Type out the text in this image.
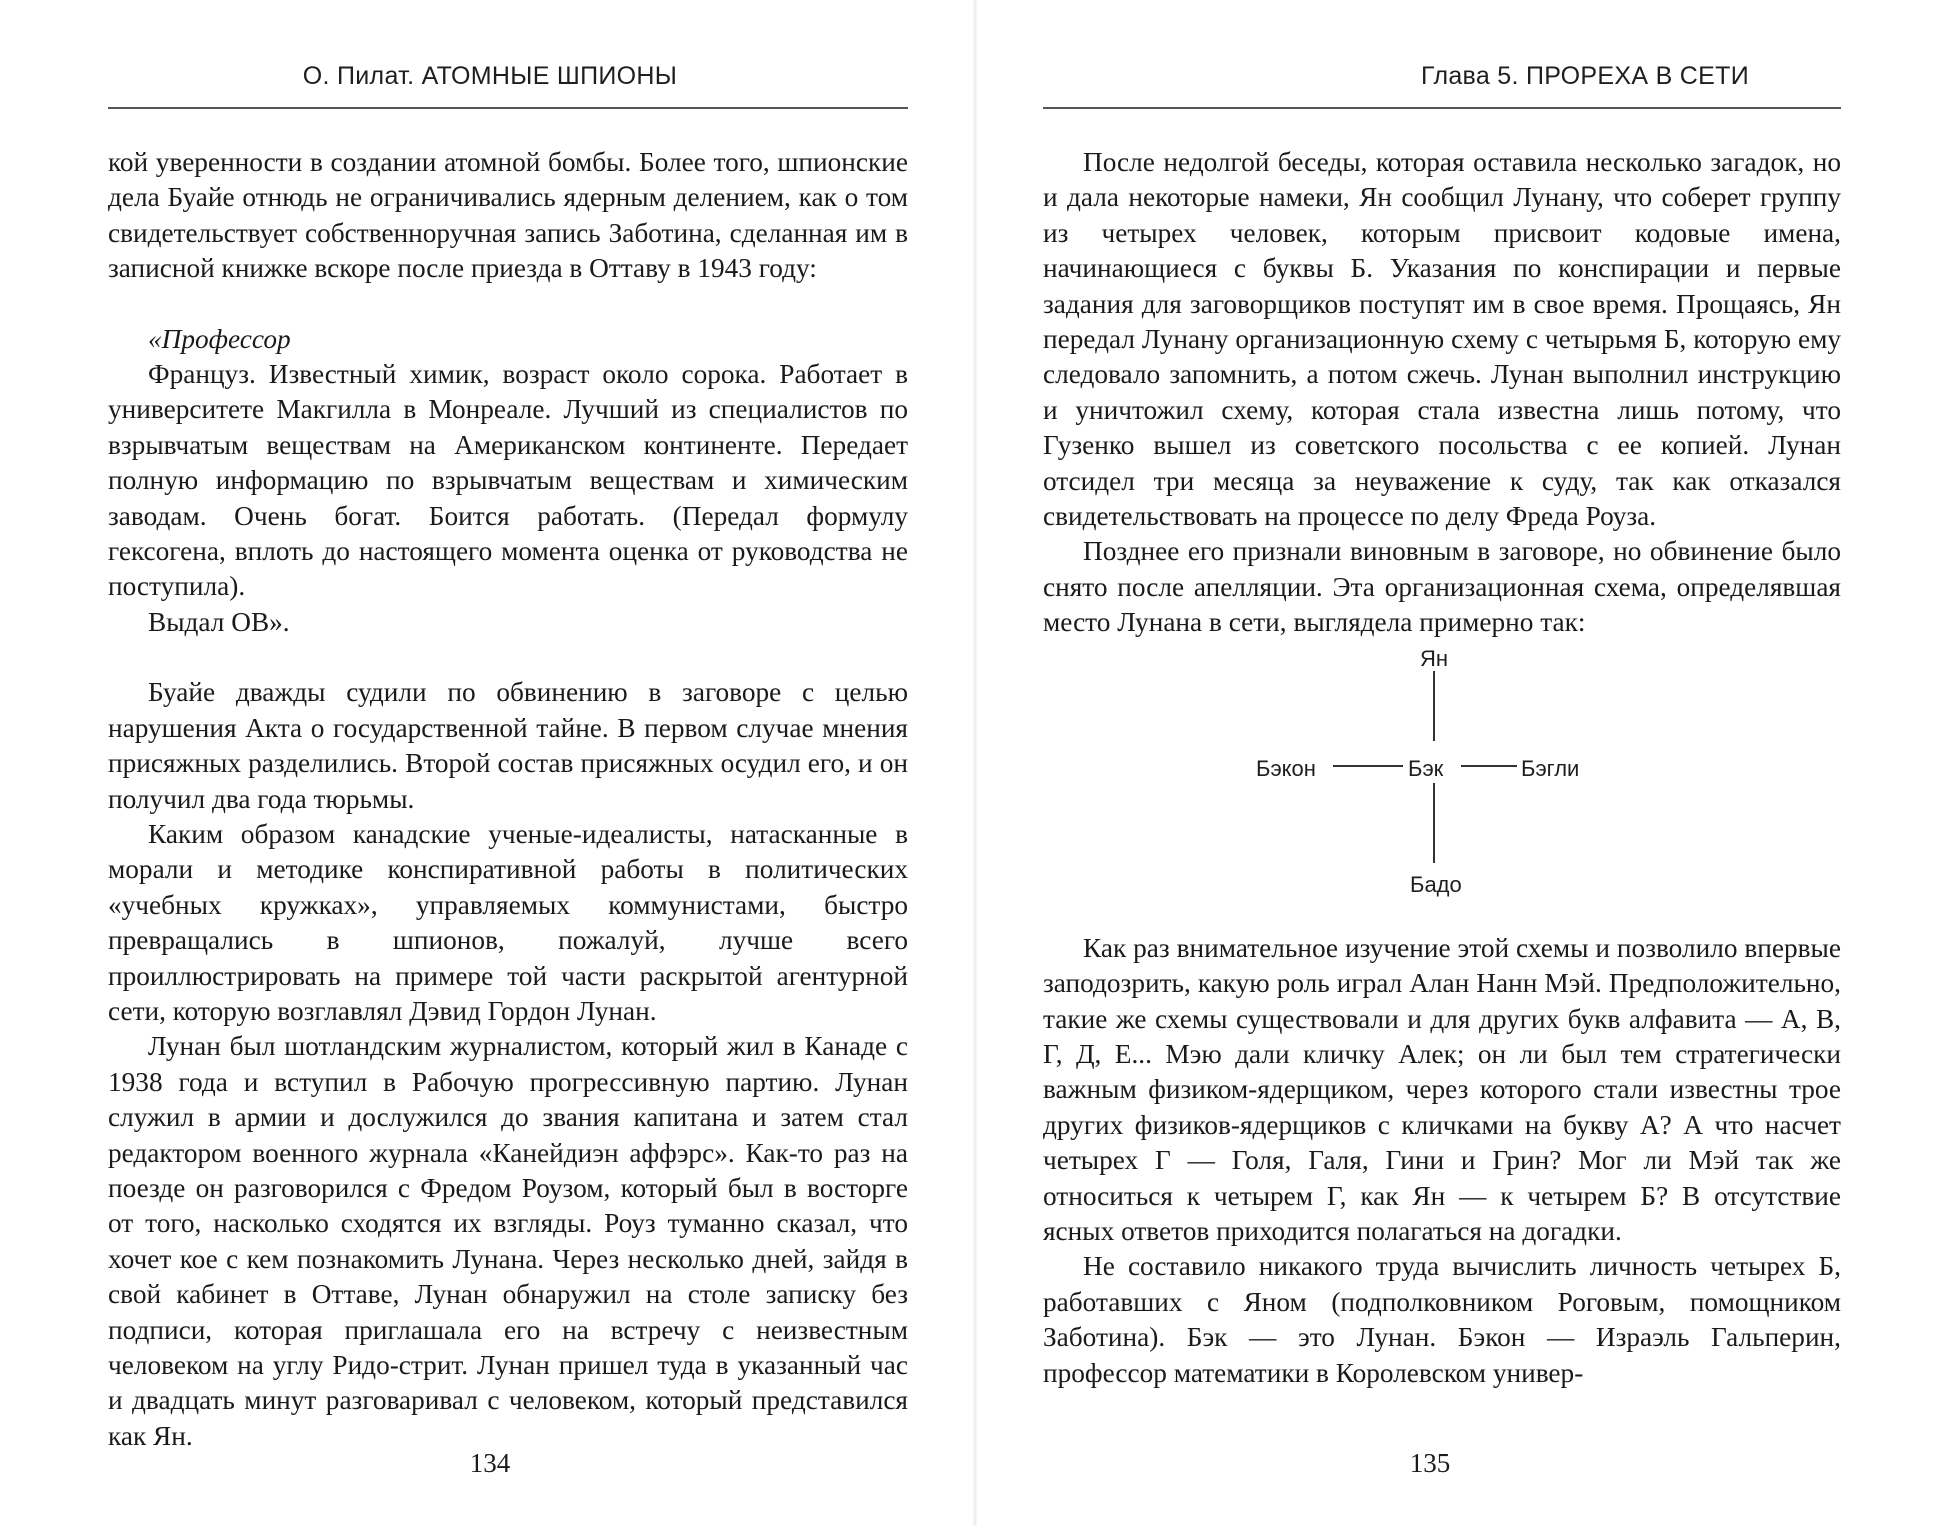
О. Пилат. АТОМНЫЕ ШПИОНЫ

кой уверенности в создании атомной бомбы. Более того, шпионские дела Буайе отнюдь не ограничивались ядерным делением, как о том свидетельствует собственноручная запись Заботина, сделанная им в записной книжке вскоре после приезда в Оттаву в 1943 году:

«Профессор

Француз. Известный химик, возраст около сорока. Работает в университете Макгилла в Монреале. Лучший из специалистов по взрывчатым веществам на Американском континенте. Передает полную информацию по взрывчатым веществам и химическим заводам. Очень богат. Боится работать. (Передал формулу гексогена, вплоть до настоящего момента оценка от руководства не поступила).

Выдал ОВ».

Буайе дважды судили по обвинению в заговоре с целью нарушения Акта о государственной тайне. В первом случае мнения присяжных разделились. Второй состав присяжных осудил его, и он получил два года тюрьмы.

Каким образом канадские ученые-идеалисты, натасканные в морали и методике конспиративной работы в политических «учебных кружках», управляемых коммунистами, быстро превращались в шпионов, пожалуй, лучше всего проиллюстрировать на примере той части раскрытой агентурной сети, которую возглавлял Дэвид Гордон Лунан.

Лунан был шотландским журналистом, который жил в Канаде с 1938 года и вступил в Рабочую прогрессивную партию. Лунан служил в армии и дослужился до звания капитана и затем стал редактором военного журнала «Канейдиэн аффэрс». Как-то раз на поезде он разговорился с Фредом Роузом, который был в восторге от того, насколько сходятся их взгляды. Роуз туманно сказал, что хочет кое с кем познакомить Лунана. Через несколько дней, зайдя в свой кабинет в Оттаве, Лунан обнаружил на столе записку без подписи, которая приглашала его на встречу с неизвестным человеком на углу Ридо-стрит. Лунан пришел туда в указанный час и двадцать минут разговаривал с человеком, который представился как Ян.

134
Глава 5. ПРОРЕХА В СЕТИ

После недолгой беседы, которая оставила несколько загадок, но и дала некоторые намеки, Ян сообщил Лунану, что соберет группу из четырех человек, которым присвоит кодовые имена, начинающиеся с буквы Б. Указания по конспирации и первые задания для заговорщиков поступят им в свое время. Прощаясь, Ян передал Лунану организационную схему с четырьмя Б, которую ему следовало запомнить, а потом сжечь. Лунан выполнил инструкцию и уничтожил схему, которая стала известна лишь потому, что Гузенко вышел из советского посольства с ее копией. Лунан отсидел три месяца за неуважение к суду, так как отказался свидетельствовать на процессе по делу Фреда Роуза.

Позднее его признали виновным в заговоре, но обвинение было снято после апелляции. Эта организационная схема, определявшая место Лунана в сети, выглядела примерно так:

Ян
Бэкон	Бэк	Бэгли
Бадо

Как раз внимательное изучение этой схемы и позволило впервые заподозрить, какую роль играл Алан Нанн Мэй. Предположительно, такие же схемы существовали и для других букв алфавита — А, В, Г, Д, Е... Мэю дали кличку Алек; он ли был тем стратегически важным физиком-ядерщиком, через которого стали известны трое других физиков-ядерщиков с кличками на букву А? А что насчет четырех Г — Голя, Галя, Гини и Грин? Мог ли Мэй так же относиться к четырем Г, как Ян — к четырем Б? В отсутствие ясных ответов приходится полагаться на догадки.

Не составило никакого труда вычислить личность четырех Б, работавших с Яном (подполковником Роговым, помощником Заботина). Бэк — это Лунан. Бэкон — Израэль Гальперин, профессор математики в Королевском универ-

135
